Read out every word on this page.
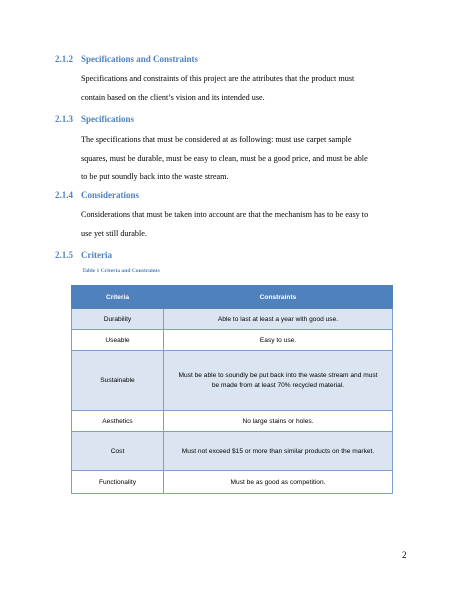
2.1.2 Specifications and Constraints
Specifications and constraints of this project are the attributes that the product must
contain based on the client’s vision and its intended use.
2.1.3 Specifications
The specifications that must be considered at as following: must use carpet sample
squares, must be durable, must be easy to clean, must be a good price, and must be able
to be put soundly back into the waste stream.
2.1.4 Considerations
Considerations that must be taken into account are that the mechanism has to be easy to
use yet still durable.
2.1.5 Criteria
Table 1 Criteria and Constraints
Criteria	Constraints
Durability	Able to last at least a year with good use.
Useable	Easy to use.
Sustainable	Must be able to soundly be put back into the waste stream and must
be made from at least 70% recycled material.

Aesthetics	No large stains or holes.
Cost	Must not exceed $15 or more than similar products on the market.
Functionality	Must be as good as competition.
2
